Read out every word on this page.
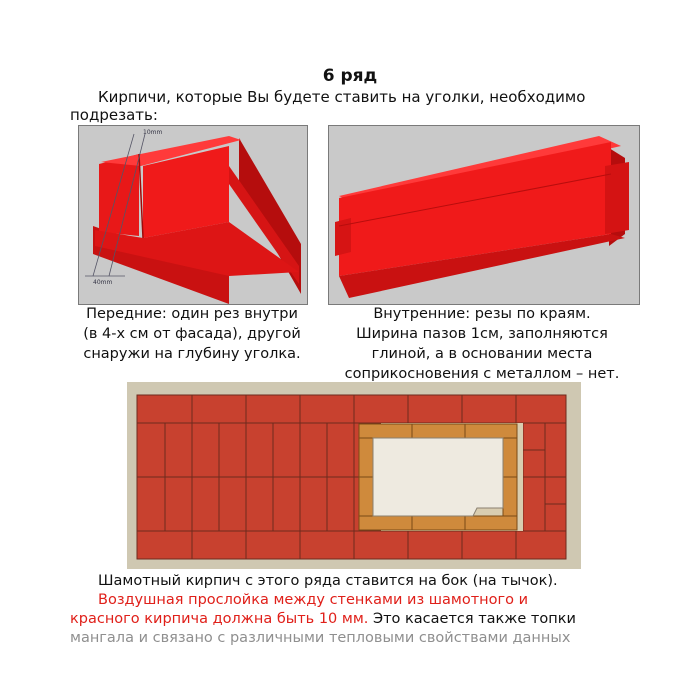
6 ряд
Кирпичи, которые Вы будете ставить на уголки, необходимо
подрезать:
10mm
40mm
Передние: один рез внутри
(в 4-х см от фасада), другой
снаружи на глубину уголка.
Внутренние: резы по краям.
Ширина пазов 1см, заполняются
глиной, а в основании места
соприкосновения с металлом – нет.
Шамотный кирпич с этого ряда ставится на бок (на тычок).
Воздушная прослойка между стенками из шамотного и
красного кирпича должна быть 10 мм. Это касается также топки
мангала и связано с различными тепловыми свойствами данных
